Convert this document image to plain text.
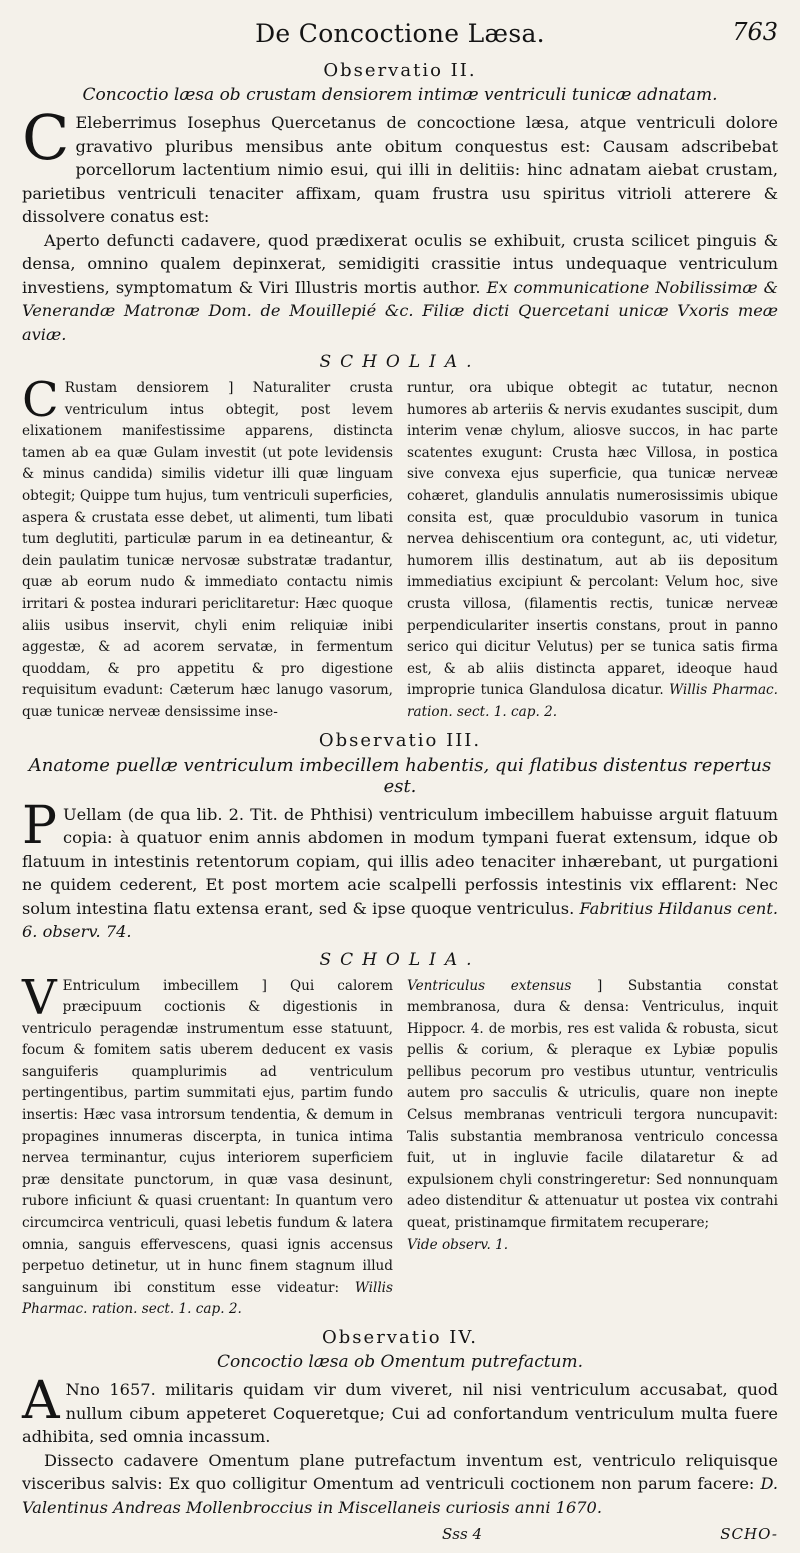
De Concoctione Læsa.	763
Observatio II.
Concoctio læsa ob crustam densiorem intimæ ventriculi tunicæ adnatam.

C Eleberrimus Iosephus Quercetanus de concoctione læsa, atque ventriculi dolore gravativo pluribus mensibus ante obitum conquestus est: Causam adscribebat porcellorum lactentium nimio esui, qui illi in delitiis: hinc adnatam aiebat crustam, parietibus ventriculi tenaciter affixam, quam frustra usu spiritus vitrioli atterere & dissolvere conatus est:

Aperto defuncti cadavere, quod prædixerat oculis se exhibuit, crusta scilicet pinguis & densa, omnino qualem depinxerat, semidigiti crassitie intus undequaque ventriculum investiens, symptomatum & Viri Illustris mortis author. Ex communicatione Nobilissimæ & Venerandæ Matronæ Dom. de Mouillepié &c. Filiæ dicti Quercetani unicæ Vxoris meæ aviæ.

SCHOLIA.

C Rustam densiorem ] Naturaliter crusta ventriculum intus obtegit, post levem elixationem manifestissime apparens, distincta tamen ab ea quæ Gulam investit (ut pote levidensis & minus candida) similis videtur illi quæ linguam obtegit; Quippe tum hujus, tum ventriculi superficies, aspera & crustata esse debet, ut alimenti, tum libati tum deglutiti, particulæ parum in ea detineantur, & dein paulatim tunicæ nervosæ substratæ tradantur, quæ ab eorum nudo & immediato contactu nimis irritari & postea indurari periclitaretur: Hæc quoque aliis usibus inservit, chyli enim reliquiæ inibi aggestæ, & ad acorem servatæ, in fermentum quoddam, & pro appetitu & pro digestione requisitum evadunt: Cæterum hæc lanugo vasorum, quæ tunicæ nerveæ densissime inse-

runtur, ora ubique obtegit ac tutatur, necnon humores ab arteriis & nervis exudantes suscipit, dum interim venæ chylum, aliosve succos, in hac parte scatentes exugunt: Crusta hæc Villosa, in postica sive convexa ejus superficie, qua tunicæ nerveæ cohæret, glandulis annulatis numerosissimis ubique consita est, quæ proculdubio vasorum in tunica nervea dehiscentium ora contegunt, ac, uti videtur, humorem illis destinatum, aut ab iis depositum immediatius excipiunt & percolant: Velum hoc, sive crusta villosa, (filamentis rectis, tunicæ nerveæ perpendiculariter insertis constans, prout in panno serico qui dicitur Velutus) per se tunica satis firma est, & ab aliis distincta apparet, ideoque haud improprie tunica Glandulosa dicatur. Willis Pharmac. ration. sect. 1. cap. 2.

Observatio III.
Anatome puellæ ventriculum imbecillem habentis, qui flatibus distentus repertus est.

P Uellam (de qua lib. 2. Tit. de Phthisi) ventriculum imbecillem habuisse arguit flatuum copia: à quatuor enim annis abdomen in modum tympani fuerat extensum, idque ob flatuum in intestinis retentorum copiam, qui illis adeo tenaciter inhærebant, ut purgationi ne quidem cederent, Et post mortem acie scalpelli perfossis intestinis vix efflarent: Nec solum intestina flatu extensa erant, sed & ipse quoque ventriculus. Fabritius Hildanus cent. 6. observ. 74.

SCHOLIA.

V Entriculum imbecillem ] Qui calorem præcipuum coctionis & digestionis in ventriculo peragendæ instrumentum esse statuunt, focum & fomitem satis uberem deducent ex vasis sanguiferis quamplurimis ad ventriculum pertingentibus, partim summitati ejus, partim fundo insertis: Hæc vasa introrsum tendentia, & demum in propagines innumeras discerpta, in tunica intima nervea terminantur, cujus interiorem superficiem præ densitate punctorum, in quæ vasa desinunt, rubore inficiunt & quasi cruentant: In quantum vero circumcirca ventriculi, quasi lebetis fundum & latera omnia, sanguis effervescens, quasi ignis accensus perpetuo detinetur, ut in hunc finem stagnum illud sanguinum ibi constitum esse videatur: Willis Pharmac. ration. sect. 1. cap. 2.

Ventriculus extensus ] Substantia constat membranosa, dura & densa: Ventriculus, inquit Hippocr. 4. de morbis, res est valida & robusta, sicut pellis & corium, & pleraque ex Lybiæ populis pellibus pecorum pro vestibus utuntur, ventriculis autem pro sacculis & utriculis, quare non inepte Celsus membranas ventriculi tergora nuncupavit: Talis substantia membranosa ventriculo concessa fuit, ut in ingluvie facile dilataretur & ad expulsionem chyli constringeretur: Sed nonnunquam adeo distenditur & attenuatur ut postea vix contrahi queat, pristinamque firmitatem recuperare;

Vide observ. 1.

Observatio IV.
Concoctio læsa ob Omentum putrefactum.

A Nno 1657. militaris quidam vir dum viveret, nil nisi ventriculum accusabat, quod nullum cibum appeteret Coqueretque; Cui ad confortandum ventriculum multa fuere adhibita, sed omnia incassum.

Dissecto cadavere Omentum plane putrefactum inventum est, ventriculo reliquisque visceribus salvis: Ex quo colligitur Omentum ad ventriculi coctionem non parum facere: D. Valentinus Andreas Mollenbroccius in Miscellaneis curiosis anni 1670.

Sss 4	SCHO-
